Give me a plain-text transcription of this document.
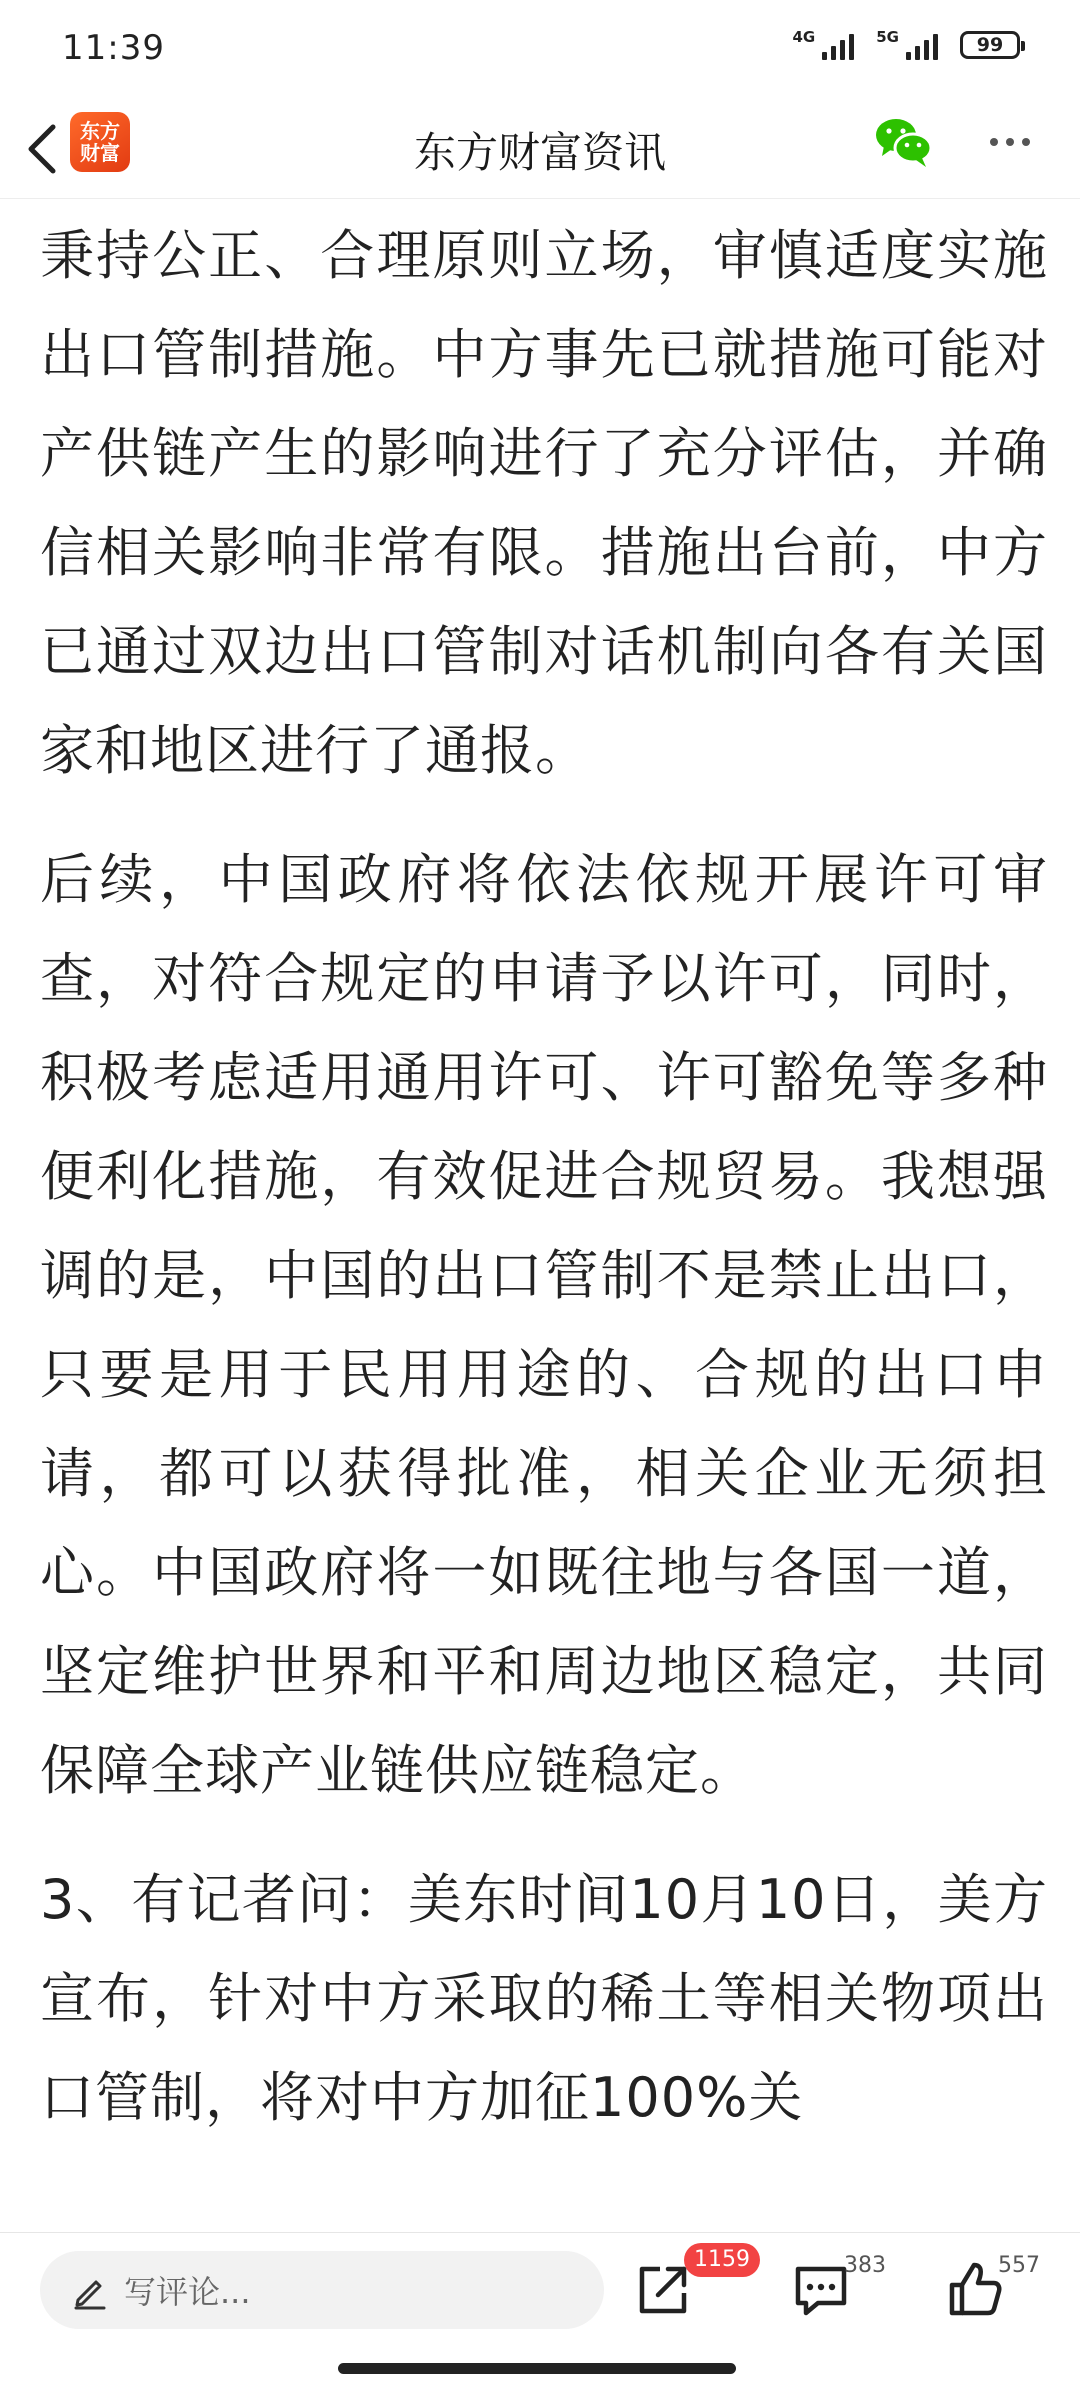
11:39	4G	5G	99
东方
财富	东方财富资讯

秉持公正、合理原则立场，审慎适度实施出口管制措施。中方事先已就措施可能对产供链产生的影响进行了充分评估，并确信相关影响非常有限。措施出台前，中方已通过双边出口管制对话机制向各有关国家和地区进行了通报。

后续，中国政府将依法依规开展许可审查，对符合规定的申请予以许可，同时，积极考虑适用通用许可、许可豁免等多种便利化措施，有效促进合规贸易。我想强调的是，中国的出口管制不是禁止出口，只要是用于民用用途的、合规的出口申请，都可以获得批准，相关企业无须担心。中国政府将一如既往地与各国一道，坚定维护世界和平和周边地区稳定，共同保障全球产业链供应链稳定。

3、有记者问：美东时间10月10日，美方宣布，针对中方采取的稀土等相关物项出口管制，将对中方加征100%关

写评论...
1159	383	557
